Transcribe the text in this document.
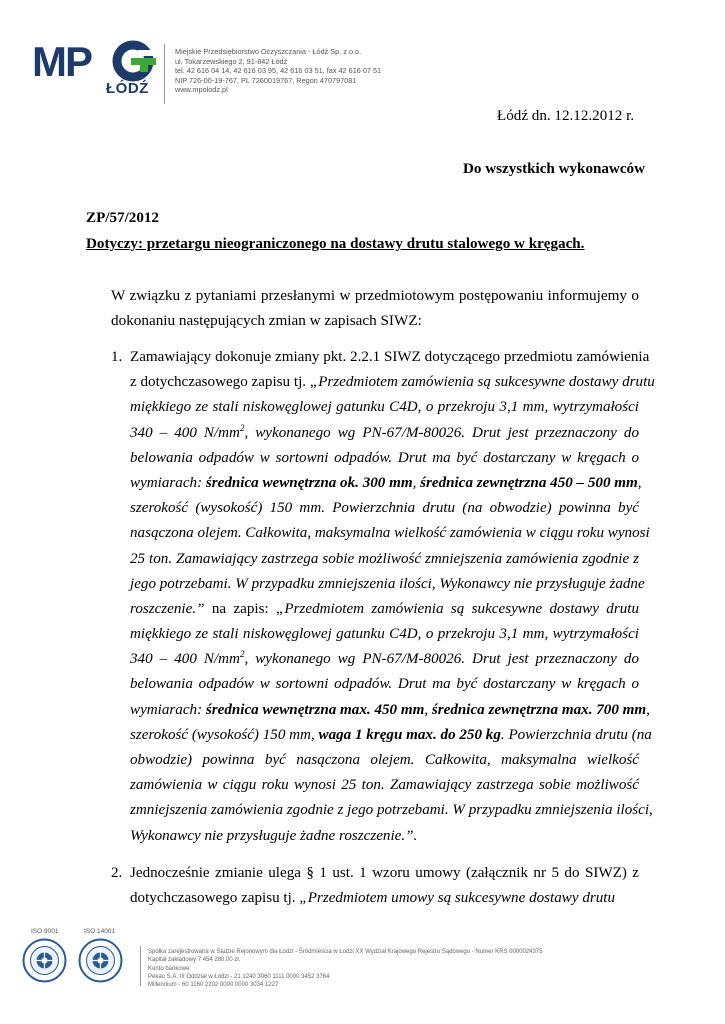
MP
ŁÓDŹ
Miejskie Przedsiębiorstwo Oczyszczania - Łódź Sp. z o.o.
ul. Tokarzewskiego 2, 91-842 Łódź
tel. 42 616 04 14, 42 616 03 95, 42 616 03 51, fax 42 616 07 51
NIP 726-00-19-767, PL 7260019767, Regon 470797081
www.mpolodz.pl
Łódź dn. 12.12.2012 r.
Do wszystkich wykonawców
ZP/57/2012
Dotyczy: przetargu nieograniczonego na dostawy drutu stalowego w kręgach.
W związku z pytaniami przesłanymi w przedmiotowym postępowaniu informujemy o
dokonaniu następujących zmian w zapisach SIWZ:
1. Zamawiający dokonuje zmiany pkt. 2.2.1 SIWZ dotyczącego przedmiotu zamówienia
z dotychczasowego zapisu tj. „Przedmiotem zamówienia są sukcesywne dostawy drutu
miękkiego ze stali niskowęglowej gatunku C4D, o przekroju 3,1 mm, wytrzymałości
340 – 400 $N/mm^2$, wykonanego wg PN-67/M-80026. Drut jest przeznaczony do
belowania odpadów w sortowni odpadów. Drut ma być dostarczany w kręgach o
wymiarach: średnica wewnętrzna ok. 300 mm, średnica zewnętrzna 450 – 500 mm,
szerokość (wysokość) 150 mm. Powierzchnia drutu (na obwodzie) powinna być
nasączona olejem. Całkowita, maksymalna wielkość zamówienia w ciągu roku wynosi
25 ton. Zamawiający zastrzega sobie możliwość zmniejszenia zamówienia zgodnie z
jego potrzebami. W przypadku zmniejszenia ilości, Wykonawcy nie przysługuje żadne
roszczenie.” na zapis: „Przedmiotem zamówienia są sukcesywne dostawy drutu
miękkiego ze stali niskowęglowej gatunku C4D, o przekroju 3,1 mm, wytrzymałości
340 – 400 $N/mm^2$, wykonanego wg PN-67/M-80026. Drut jest przeznaczony do
belowania odpadów w sortowni odpadów. Drut ma być dostarczany w kręgach o
wymiarach: średnica wewnętrzna max. 450 mm, średnica zewnętrzna max. 700 mm,
szerokość (wysokość) 150 mm, waga 1 kręgu max. do 250 kg. Powierzchnia drutu (na
obwodzie) powinna być nasączona olejem. Całkowita, maksymalna wielkość
zamówienia w ciągu roku wynosi 25 ton. Zamawiający zastrzega sobie możliwość
zmniejszenia zamówienia zgodnie z jego potrzebami. W przypadku zmniejszenia ilości,
Wykonawcy nie przysługuje żadne roszczenie.”.
2. Jednocześnie zmianie ulega § 1 ust. 1 wzoru umowy (załącznik nr 5 do SIWZ) z
dotychczasowego zapisu tj. „Przedmiotem umowy są sukcesywne dostawy drutu
ISO 9001	ISO 14001
Spółka zarejestrowana w Sądzie Rejonowym dla Łodzi - Śródmieścia w Łodzi XX Wydział Krajowego Rejestru Sądowego - Numer KRS 0000024375
Kapitał zakładowy 7 454 280,00 zł.
Konto bankowe:
Pekao S.A. III Oddział w Łodzi - 21 1240 3060 1111 0000 3452 3764
Millennium - 60 1160 2202 0000 0000 3034 1227
